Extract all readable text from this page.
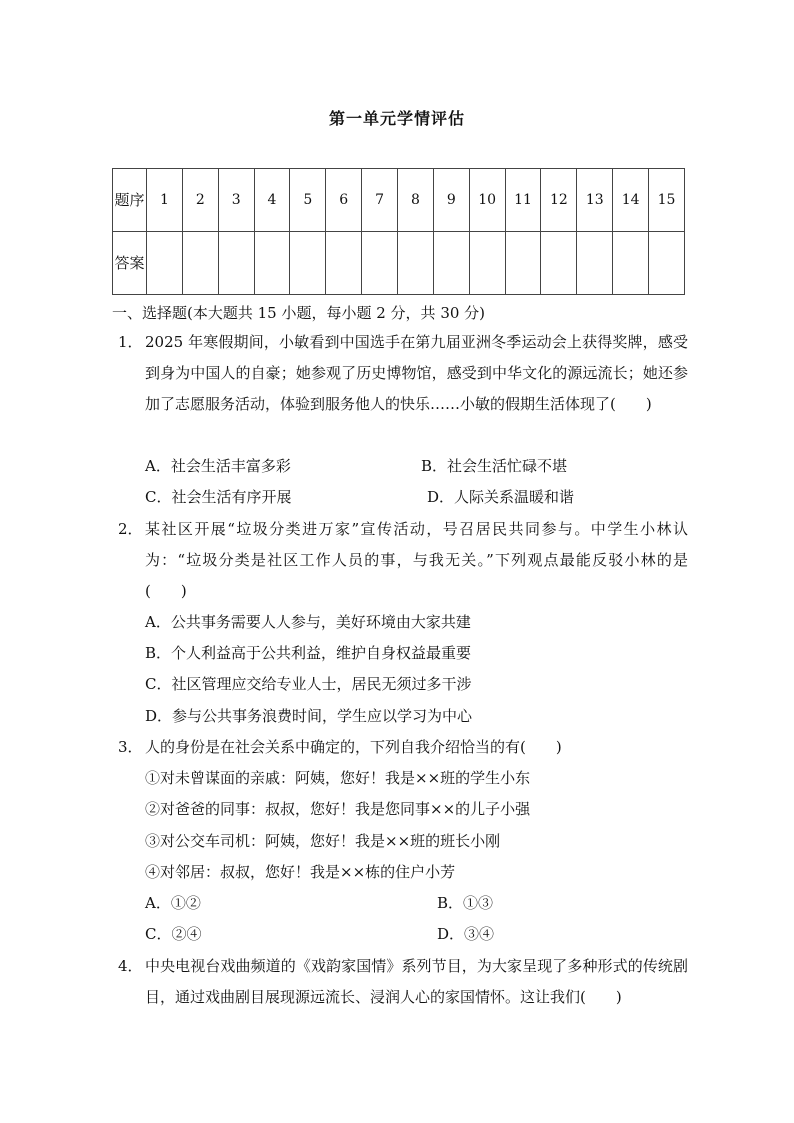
第一单元学情评估
题序	1	2	3	4	5	6	7	8	9	10	11	12	13	14	15
答案															
一、选择题(本大题共 15 小题，每小题 2 分，共 30 分)
1． 2025 年寒假期间，小敏看到中国选手在第九届亚洲冬季运动会上获得奖牌，感受到身为中国人的自豪；她参观了历史博物馆，感受到中华文化的源远流长；她还参加了志愿服务活动，体验到服务他人的快乐……小敏的假期生活体现了(　　)
A．社会生活丰富多彩	B．社会生活忙碌不堪
C．社会生活有序开展	D．人际关系温暖和谐
2． 某社区开展“垃圾分类进万家”宣传活动，号召居民共同参与。中学生小林认为：“垃圾分类是社区工作人员的事，与我无关。”下列观点最能反驳小林的是(　　)
A．公共事务需要人人参与，美好环境由大家共建
B．个人利益高于公共利益，维护自身权益最重要
C．社区管理应交给专业人士，居民无须过多干涉
D．参与公共事务浪费时间，学生应以学习为中心
3． 人的身份是在社会关系中确定的，下列自我介绍恰当的有(　　)
①对未曾谋面的亲戚：阿姨，您好！我是××班的学生小东
②对爸爸的同事：叔叔，您好！我是您同事××的儿子小强
③对公交车司机：阿姨，您好！我是××班的班长小刚
④对邻居：叔叔，您好！我是××栋的住户小芳
A．①②	B．①③
C．②④	D．③④
4． 中央电视台戏曲频道的《戏韵家国情》系列节目，为大家呈现了多种形式的传统剧目，通过戏曲剧目展现源远流长、浸润人心的家国情怀。这让我们(　　)
